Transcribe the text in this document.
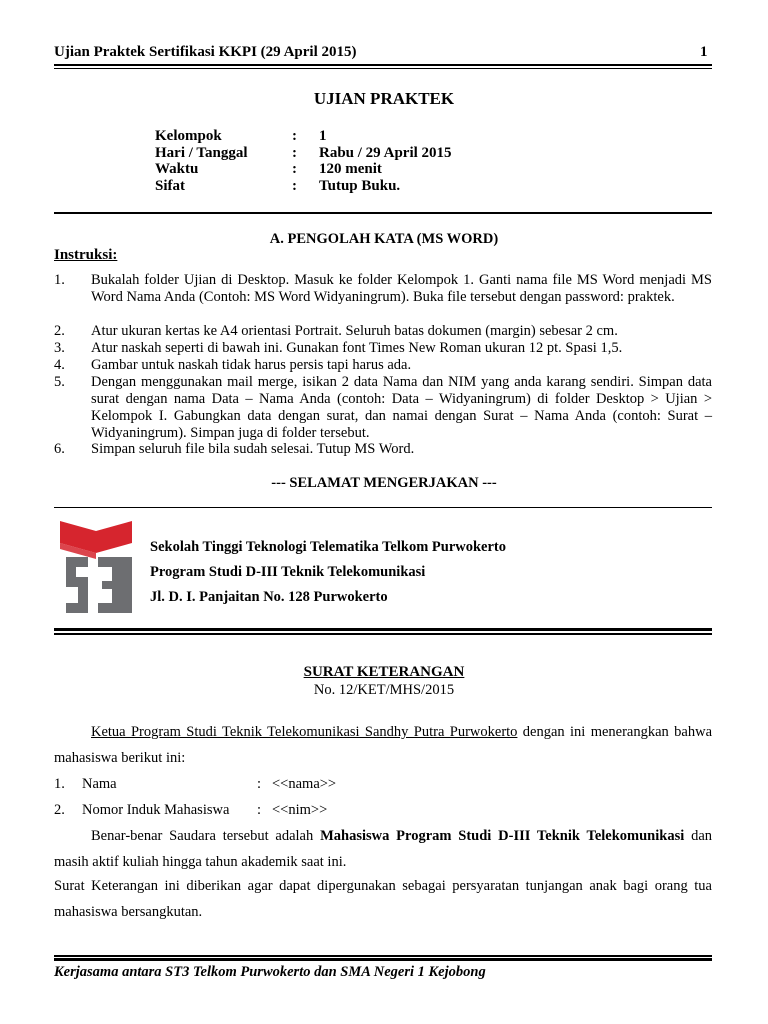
Ujian Praktek Sertifikasi KKPI (29 April 2015)	1
UJIAN PRAKTEK
Kelompok	: 1
Hari / Tanggal	: Rabu / 29 April 2015
Waktu	: 120 menit
Sifat	: Tutup Buku.
A. PENGOLAH KATA (MS WORD)
Instruksi:
1. Bukalah folder Ujian di Desktop. Masuk ke folder Kelompok 1. Ganti nama file MS Word menjadi MS Word Nama Anda (Contoh: MS Word Widyaningrum). Buka file tersebut dengan password: praktek.
2. Atur ukuran kertas ke A4 orientasi Portrait. Seluruh batas dokumen (margin) sebesar 2 cm.
3. Atur naskah seperti di bawah ini. Gunakan font Times New Roman ukuran 12 pt. Spasi 1,5.
4. Gambar untuk naskah tidak harus persis tapi harus ada.
5. Dengan menggunakan mail merge, isikan 2 data Nama dan NIM yang anda karang sendiri. Simpan data surat dengan nama Data – Nama Anda (contoh: Data – Widyaningrum) di folder Desktop > Ujian > Kelompok I. Gabungkan data dengan surat, dan namai dengan Surat – Nama Anda (contoh: Surat – Widyaningrum). Simpan juga di folder tersebut.
6. Simpan seluruh file bila sudah selesai. Tutup MS Word.
--- SELAMAT MENGERJAKAN ---
Sekolah Tinggi Teknologi Telematika Telkom Purwokerto
Program Studi D-III Teknik Telekomunikasi
Jl. D. I. Panjaitan No. 128 Purwokerto
SURAT KETERANGAN
No. 12/KET/MHS/2015
Ketua Program Studi Teknik Telekomunikasi Sandhy Putra Purwokerto dengan ini menerangkan bahwa mahasiswa berikut ini:
1. Nama	: <<nama>>
2. Nomor Induk Mahasiswa : <<nim>>
Benar-benar Saudara tersebut adalah Mahasiswa Program Studi D-III Teknik Telekomunikasi dan masih aktif kuliah hingga tahun akademik saat ini.
Surat Keterangan ini diberikan agar dapat dipergunakan sebagai persyaratan tunjangan anak bagi orang tua mahasiswa bersangkutan.
Kerjasama antara ST3 Telkom Purwokerto dan SMA Negeri 1 Kejobong
